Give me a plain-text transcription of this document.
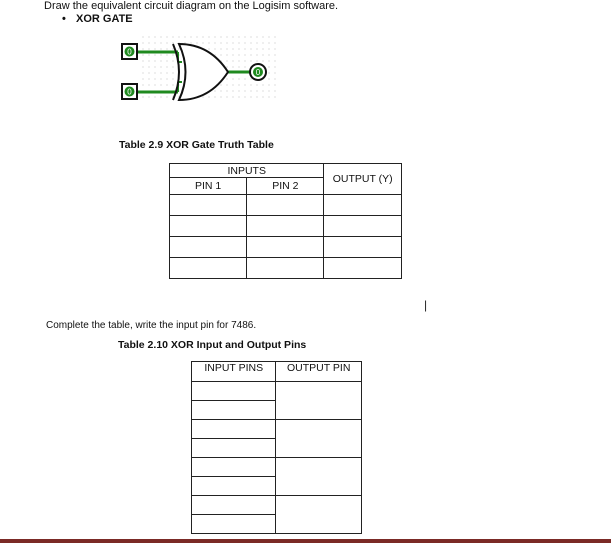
Draw the equivalent circuit diagram on the Logisim software.
• XOR GATE
0
0
0
Table 2.9 XOR Gate Truth Table
INPUTS		OUTPUT (Y)
PIN 1	PIN 2	

|
Complete the table, write the input pin for 7486.
Table 2.10 XOR Input and Output Pins
INPUT PINS	OUTPUT PIN
